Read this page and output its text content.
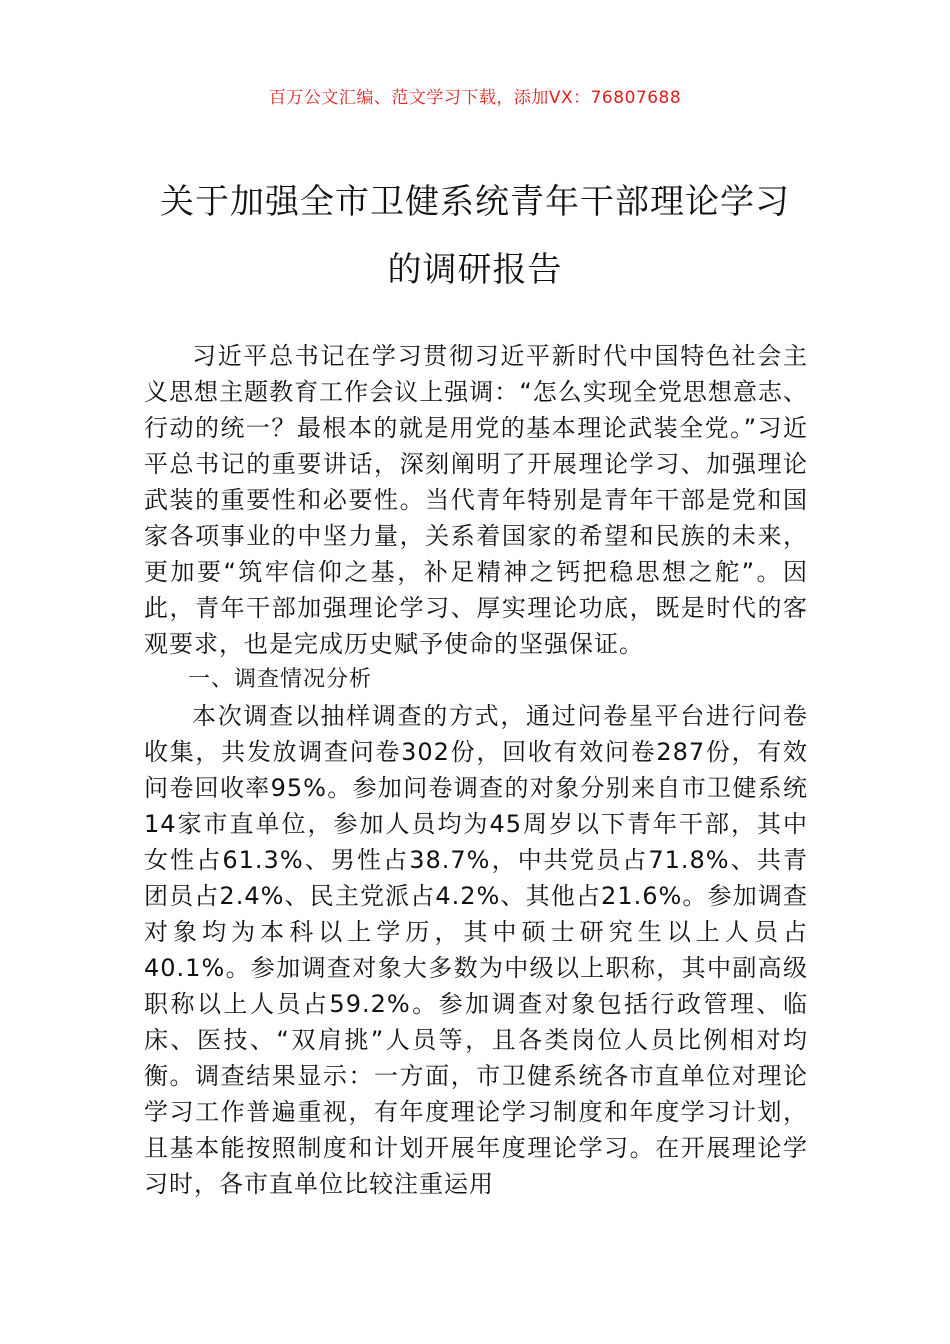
百万公文汇编、范文学习下载，添加VX：76807688
关于加强全市卫健系统青年干部理论学习
的调研报告

习近平总书记在学习贯彻习近平新时代中国特色社会主义思想主题教育工作会议上强调：“怎么实现全党思想意志、行动的统一？最根本的就是用党的基本理论武装全党。”习近平总书记的重要讲话，深刻阐明了开展理论学习、加强理论武装的重要性和必要性。当代青年特别是青年干部是党和国家各项事业的中坚力量，关系着国家的希望和民族的未来，更加要“筑牢信仰之基，补足精神之钙把稳思想之舵”。因此，青年干部加强理论学习、厚实理论功底，既是时代的客观要求，也是完成历史赋予使命的坚强保证。

一、调查情况分析

本次调查以抽样调查的方式，通过问卷星平台进行问卷收集，共发放调查问卷302份，回收有效问卷287份，有效问卷回收率95%。参加问卷调查的对象分别来自市卫健系统14家市直单位，参加人员均为45周岁以下青年干部，其中女性占61.3%、男性占38.7%，中共党员占71.8%、共青团员占2.4%、民主党派占4.2%、其他占21.6%。参加调查对象均为本科以上学历，其中硕士研究生以上人员占40.1%。参加调查对象大多数为中级以上职称，其中副高级职称以上人员占59.2%。参加调查对象包括行政管理、临床、医技、“双肩挑”人员等，且各类岗位人员比例相对均衡。调查结果显示：一方面，市卫健系统各市直单位对理论学习工作普遍重视，有年度理论学习制度和年度学习计划，且基本能按照制度和计划开展年度理论学习。在开展理论学习时，各市直单位比较注重运用
